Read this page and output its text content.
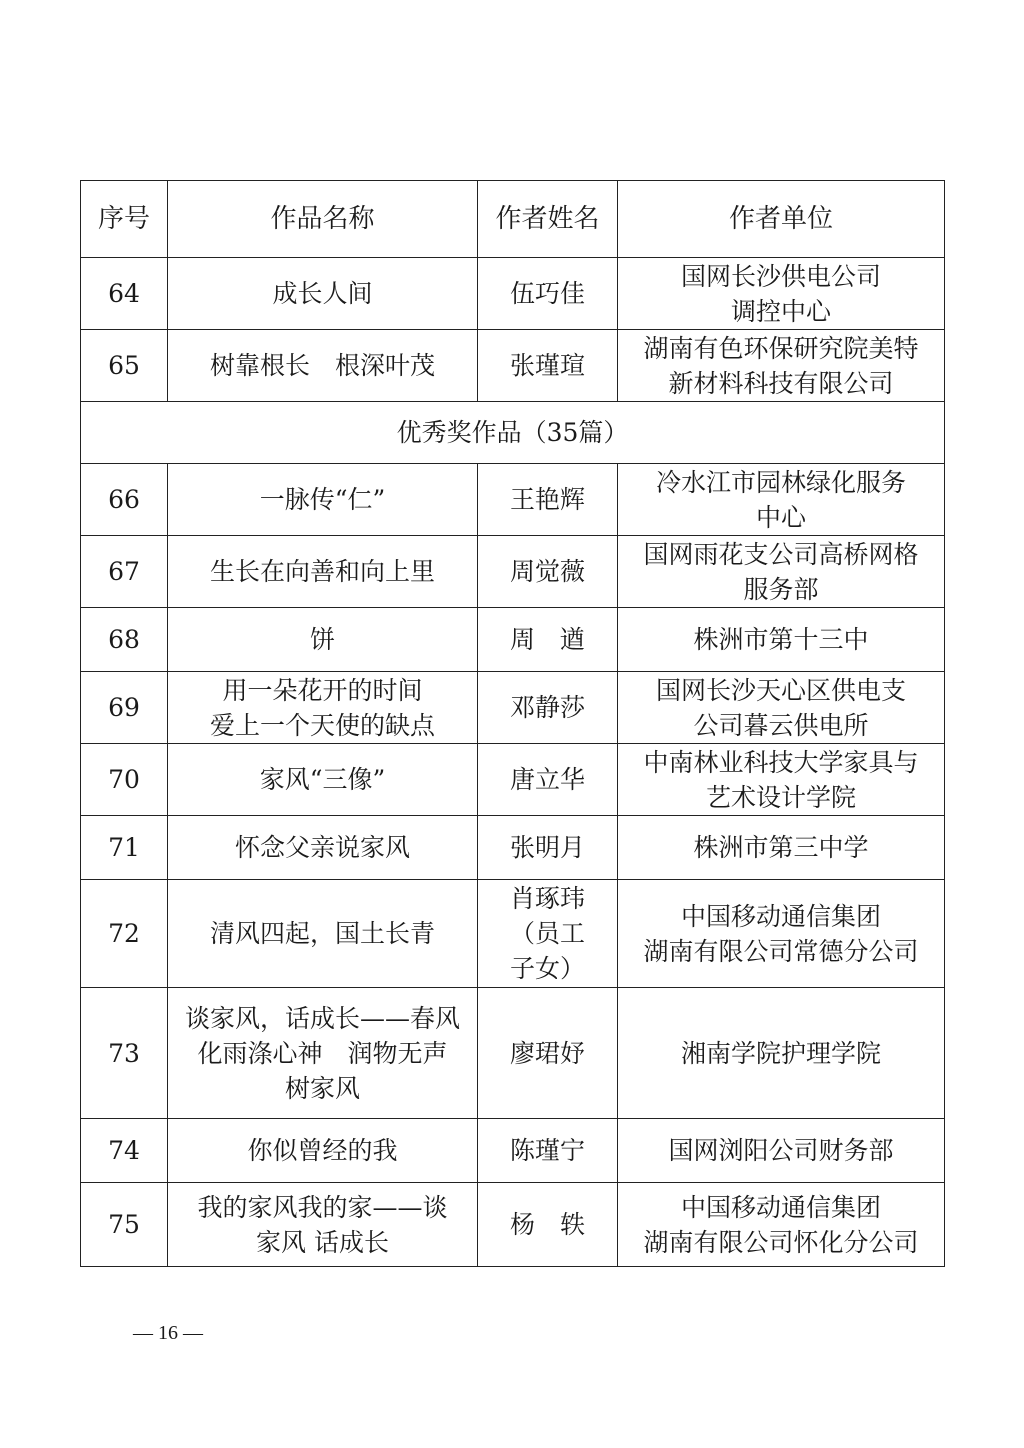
序号	作品名称	作者姓名	作者单位
64	成长人间	伍巧佳	国网长沙供电公司
调控中心

65	树靠根长　根深叶茂	张瑾瑄	湖南有色环保研究院美特
新材料科技有限公司

优秀奖作品（35篇）			
66	一脉传“仁”	王艳辉	冷水江市园林绿化服务
中心

67	生长在向善和向上里	周觉薇	国网雨花支公司高桥网格
服务部

68	饼	周　遒	株洲市第十三中

69	用一朵花开的时间
爱上一个天使的缺点	邓静莎	国网长沙天心区供电支
公司暮云供电所

70	家风“三像”	唐立华	中南林业科技大学家具与
艺术设计学院

71	怀念父亲说家风	张明月	株洲市第三中学

72	清风四起，国土长青	肖琢玮
（员工
子女）	中国移动通信集团
湖南有限公司常德分公司

73	谈家风，话成长——春风
化雨涤心神　润物无声
树家风	廖珺妤	湘南学院护理学院

74	你似曾经的我	陈瑾宁	国网浏阳公司财务部

75	我的家风我的家——谈
家风 话成长	杨　轶	中国移动通信集团
湖南有限公司怀化分公司
— 16 —
